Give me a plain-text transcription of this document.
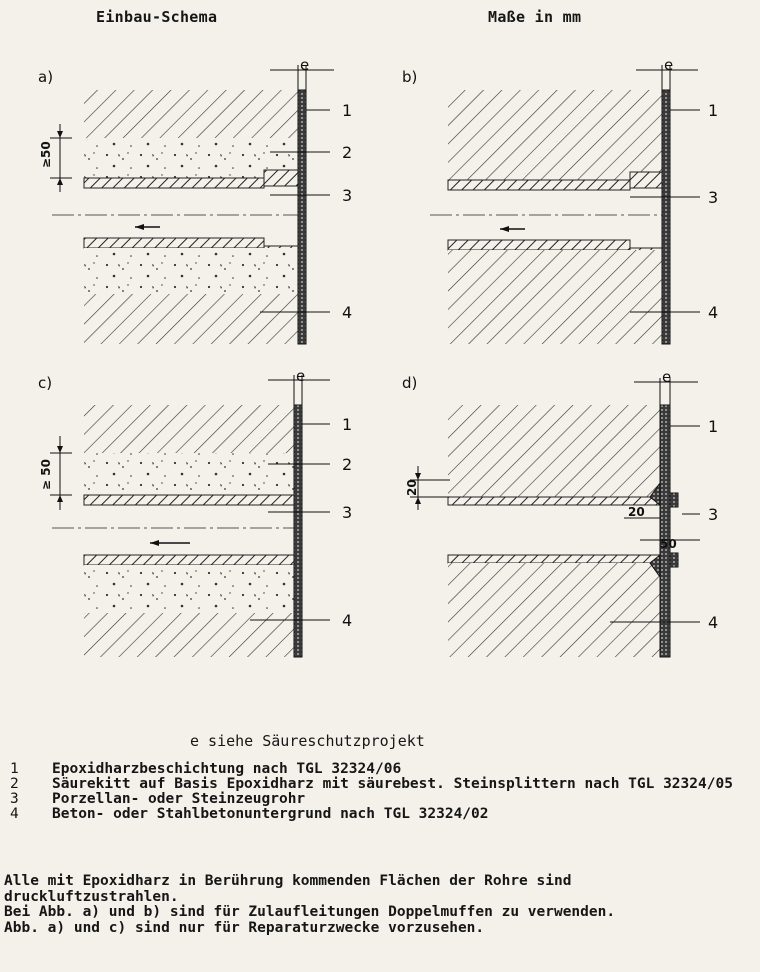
Einbau-Schema	Maße in mm
≥50
e
1
2
3
4
a)
e
1
3
4
b)
≥ 50
e
1
2
3
4
c)
20
20
50
e
1
3
4
d)
e siehe Säureschutzprojekt
1	Epoxidharzbeschichtung nach TGL 32324/06
2	Säurekitt auf Basis Epoxidharz mit säurebest. Steinsplittern nach TGL 32324/05
3	Porzellan- oder Steinzeugrohr
4	Beton- oder Stahlbetonuntergrund nach TGL 32324/02

Alle mit Epoxidharz in Berührung kommenden Flächen der Rohre sind druckluftzustrahlen.

Bei Abb. a) und b) sind für Zulaufleitungen Doppelmuffen zu verwenden.

Abb. a) und c) sind nur für Reparaturzwecke vorzusehen.
